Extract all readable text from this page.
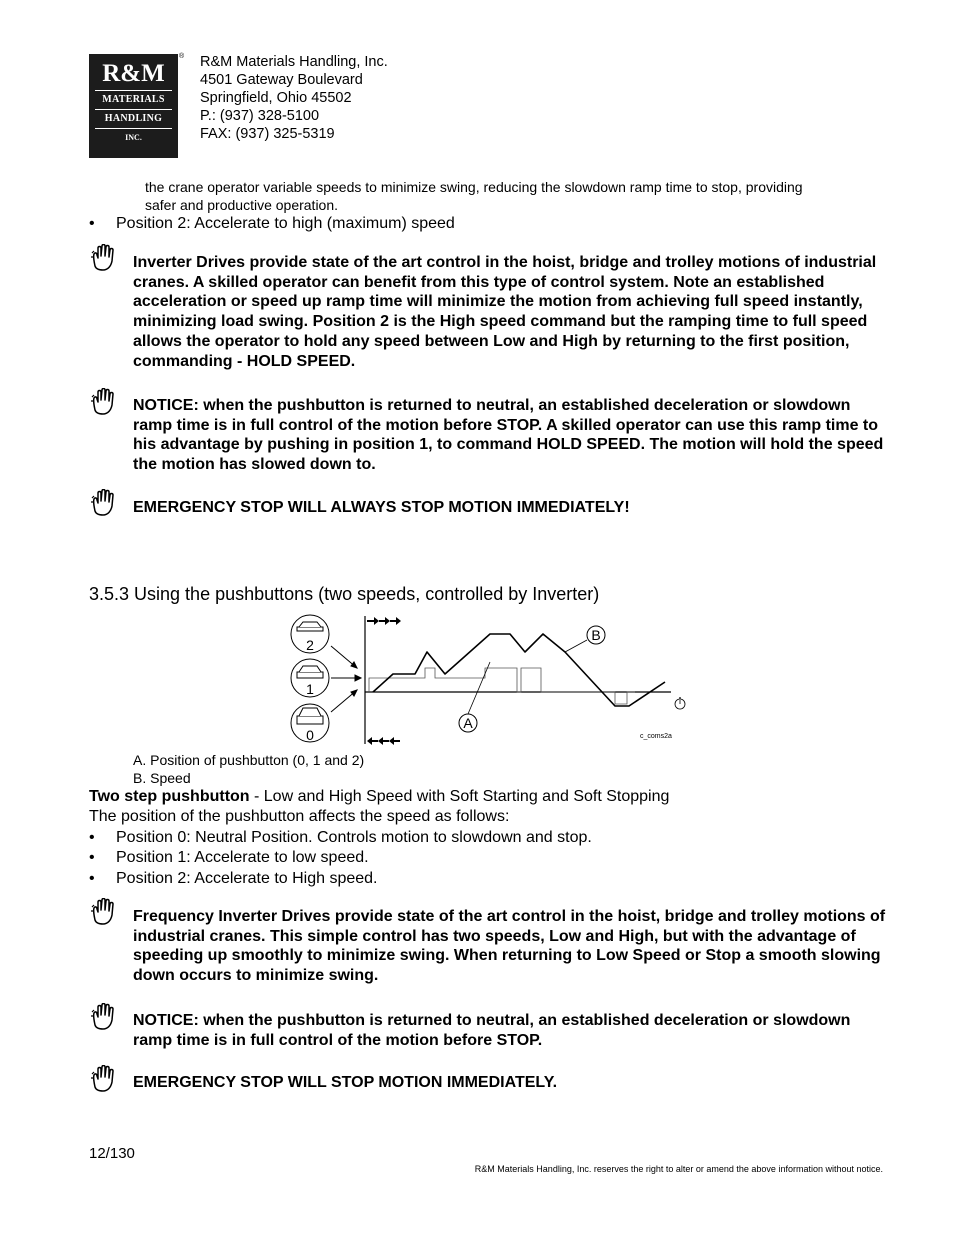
R&M
MATERIALS
HANDLING
INC.
® R&M Materials Handling, Inc.
4501 Gateway Boulevard
Springfield, Ohio 45502
P.: (937) 328-5100
FAX: (937) 325-5319
the crane operator variable speeds to minimize swing, reducing the slowdown ramp time to stop, providing
safer and productive operation.
• Position 2: Accelerate to high (maximum) speed
Inverter Drives provide state of the art control in the hoist, bridge and trolley motions of industrial cranes. A skilled operator can benefit from this type of control system. Note an established acceleration or speed up ramp time will minimize the motion from achieving full speed instantly, minimizing load swing. Position 2 is the High speed command but the ramping time to full speed allows the operator to hold any speed between Low and High by returning to the first position, commanding - HOLD SPEED.
NOTICE: when the pushbutton is returned to neutral, an established deceleration or slowdown ramp time is in full control of the motion before STOP. A skilled operator can use this ramp time to his advantage by pushing in position 1, to command HOLD SPEED. The motion will hold the speed the motion has slowed down to.
EMERGENCY STOP WILL ALWAYS STOP MOTION IMMEDIATELY!
3.5.3 Using the pushbuttons (two speeds, controlled by Inverter)
2
1
0
A
B
c_coms2a
A. Position of pushbutton (0, 1 and 2)
B. Speed
Two step pushbutton - Low and High Speed with Soft Starting and Soft Stopping
The position of the pushbutton affects the speed as follows:
• Position 0: Neutral Position. Controls motion to slowdown and stop.
• Position 1: Accelerate to low speed.
• Position 2: Accelerate to High speed.
Frequency Inverter Drives provide state of the art control in the hoist, bridge and trolley motions of industrial cranes. This simple control has two speeds, Low and High, but with the advantage of speeding up smoothly to minimize swing. When returning to Low Speed or Stop a smooth slowing down occurs to minimize swing.
NOTICE: when the pushbutton is returned to neutral, an established deceleration or slowdown ramp time is in full control of the motion before STOP.
EMERGENCY STOP WILL STOP MOTION IMMEDIATELY.
12/130
R&M Materials Handling, Inc. reserves the right to alter or amend the above information without notice.
